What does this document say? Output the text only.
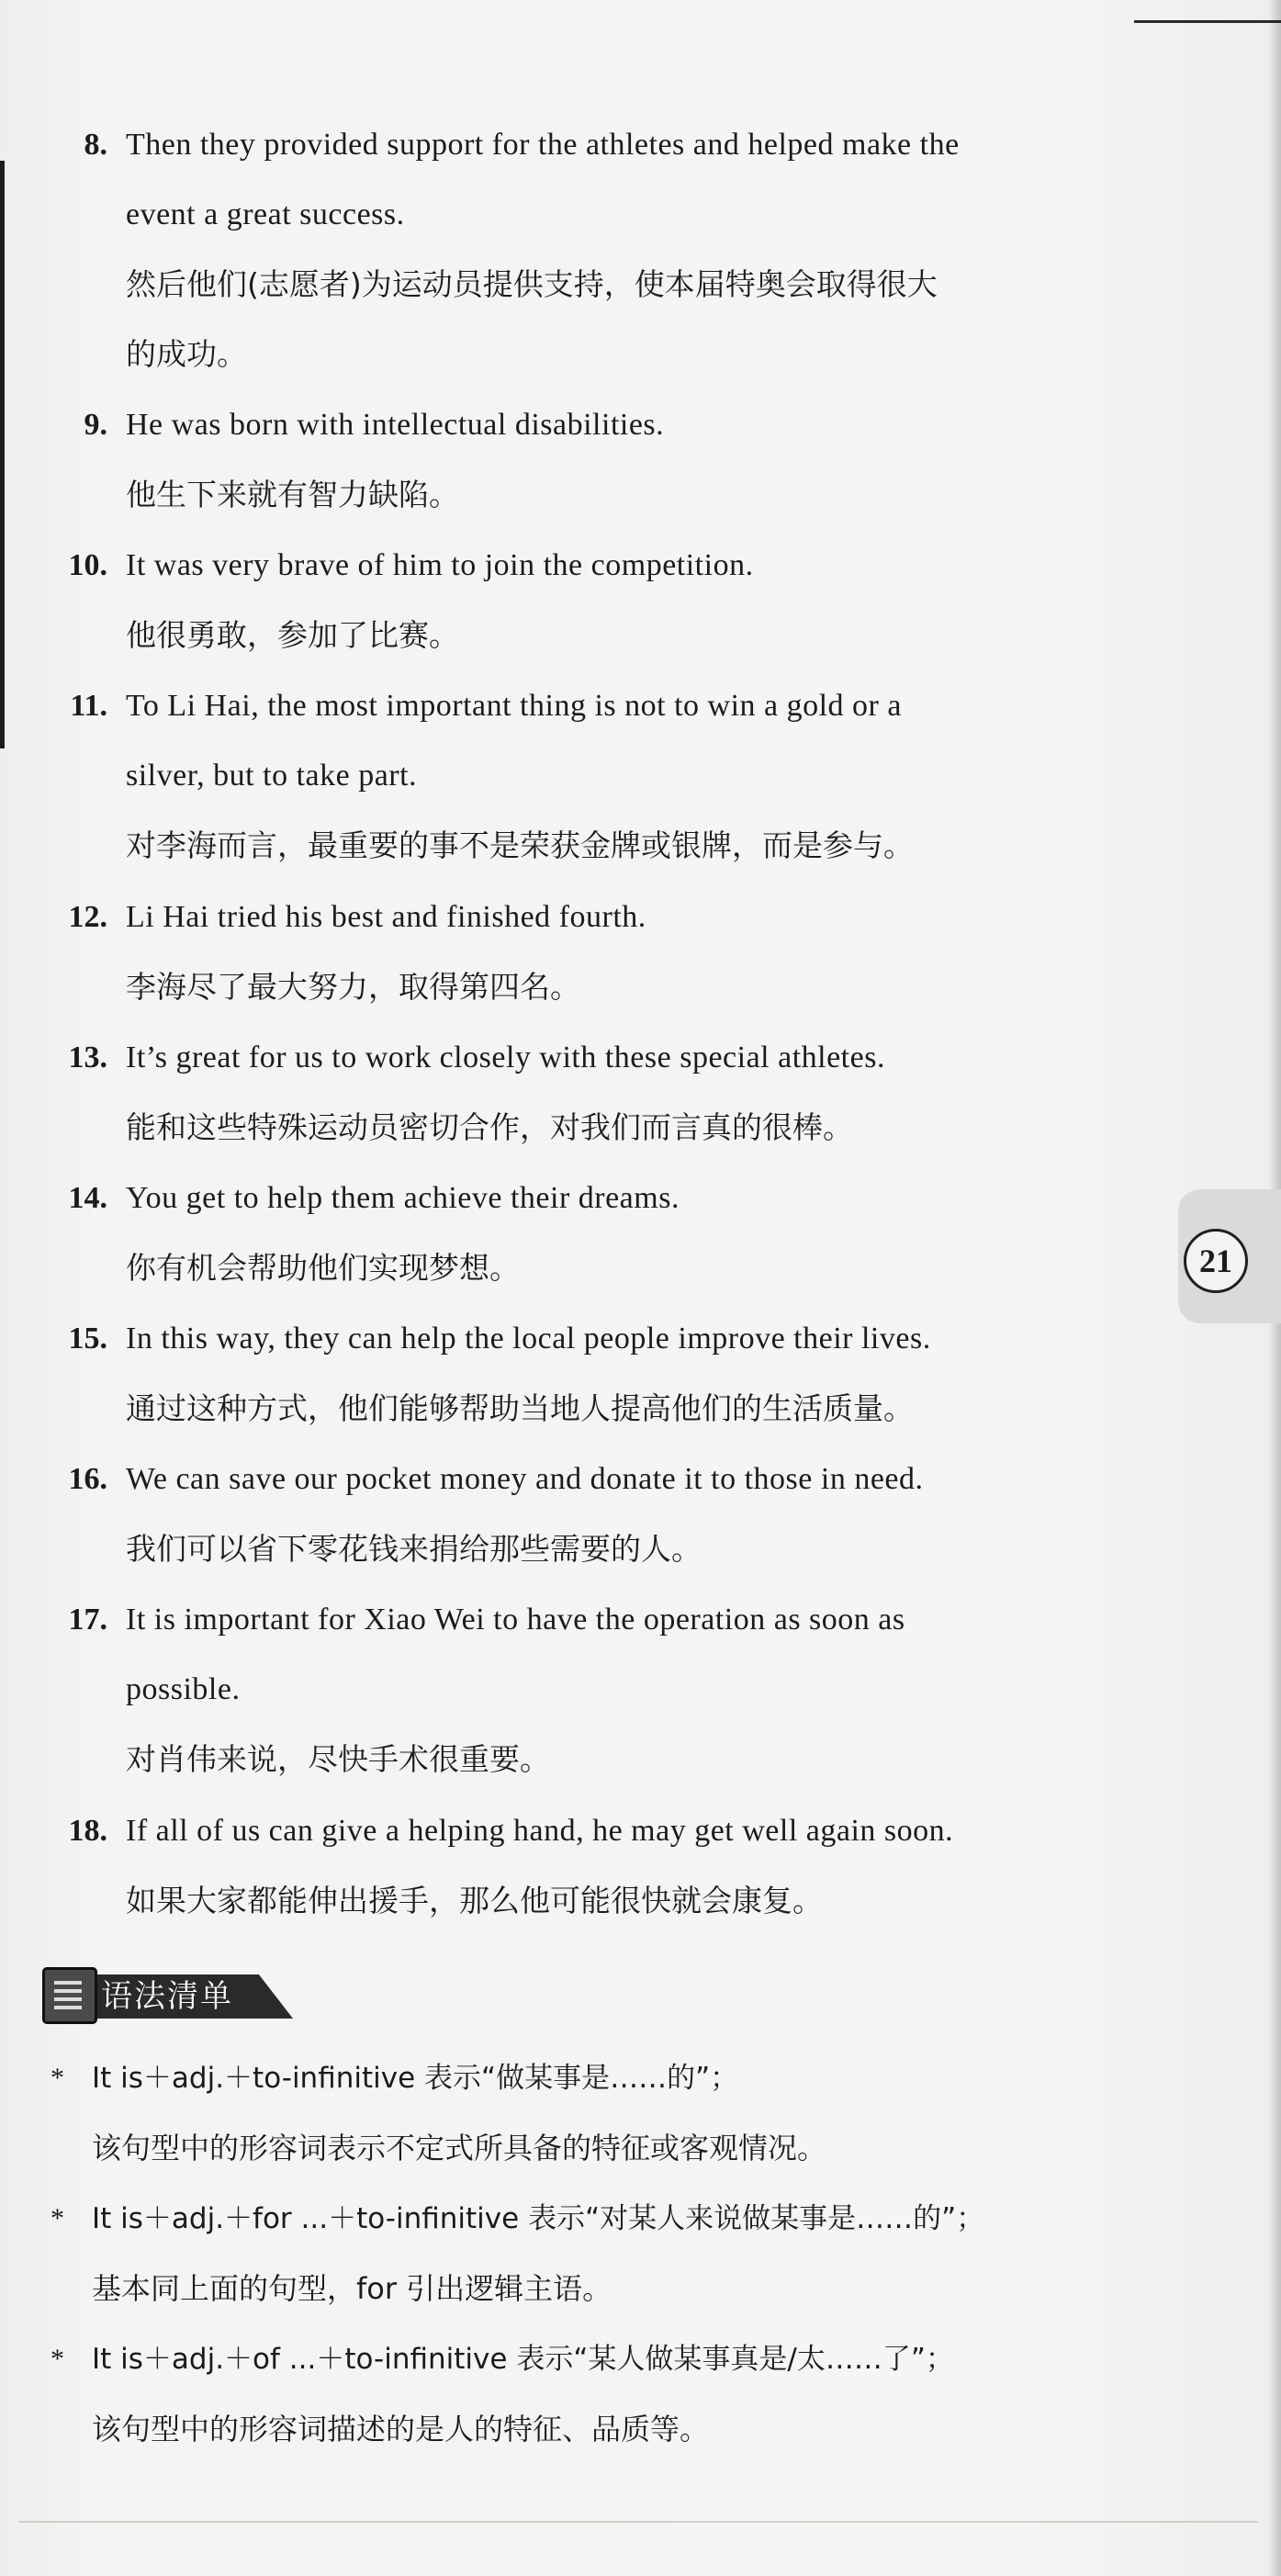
8. Then they provided support for the athletes and helped make the
event a great success.
然后他们(志愿者)为运动员提供支持，使本届特奥会取得很大
的成功。
9. He was born with intellectual disabilities.
他生下来就有智力缺陷。
10. It was very brave of him to join the competition.
他很勇敢，参加了比赛。
11. To Li Hai, the most important thing is not to win a gold or a
silver, but to take part.
对李海而言，最重要的事不是荣获金牌或银牌，而是参与。
12. Li Hai tried his best and finished fourth.
李海尽了最大努力，取得第四名。
13. It’s great for us to work closely with these special athletes.
能和这些特殊运动员密切合作，对我们而言真的很棒。
14. You get to help them achieve their dreams.
你有机会帮助他们实现梦想。
15. In this way, they can help the local people improve their lives.
通过这种方式，他们能够帮助当地人提高他们的生活质量。
16. We can save our pocket money and donate it to those in need.
我们可以省下零花钱来捐给那些需要的人。
17. It is important for Xiao Wei to have the operation as soon as
possible.
对肖伟来说，尽快手术很重要。
18. If all of us can give a helping hand, he may get well again soon.
如果大家都能伸出援手，那么他可能很快就会康复。
21
语法清单
* It is＋adj.＋to-infinitive 表示“做某事是……的”；
该句型中的形容词表示不定式所具备的特征或客观情况。
* It is＋adj.＋for ...＋to-infinitive 表示“对某人来说做某事是……的”；
基本同上面的句型，for 引出逻辑主语。
* It is＋adj.＋of ...＋to-infinitive 表示“某人做某事真是/太……了”；
该句型中的形容词描述的是人的特征、品质等。
